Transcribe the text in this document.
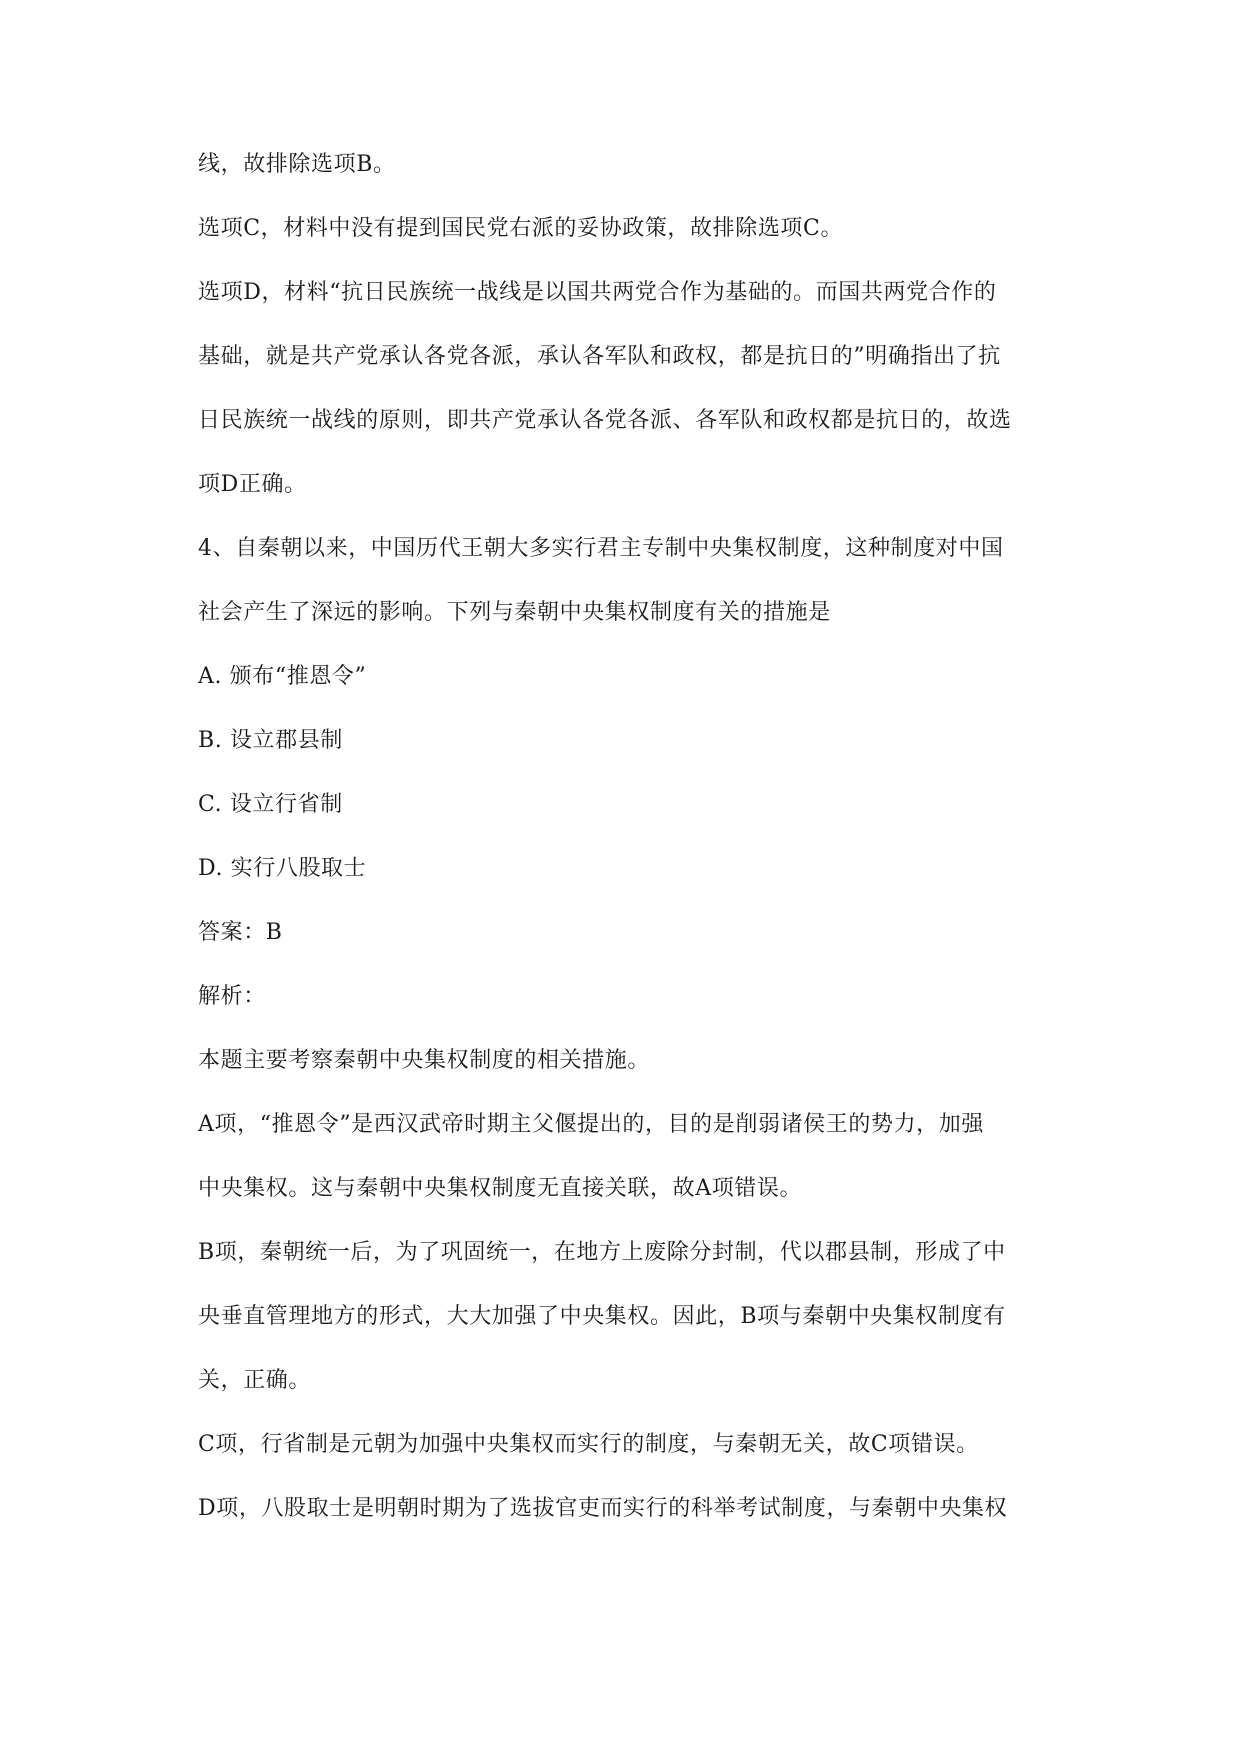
线，故排除选项B。
选项C，材料中没有提到国民党右派的妥协政策，故排除选项C。
选项D，材料“抗日民族统一战线是以国共两党合作为基础的。而国共两党合作的
基础，就是共产党承认各党各派，承认各军队和政权，都是抗日的”明确指出了抗
日民族统一战线的原则，即共产党承认各党各派、各军队和政权都是抗日的，故选
项D正确。
4、自秦朝以来，中国历代王朝大多实行君主专制中央集权制度，这种制度对中国
社会产生了深远的影响。下列与秦朝中央集权制度有关的措施是
A. 颁布“推恩令”
B. 设立郡县制
C. 设立行省制
D. 实行八股取士
答案：B
解析：
本题主要考察秦朝中央集权制度的相关措施。
A项，“推恩令”是西汉武帝时期主父偃提出的，目的是削弱诸侯王的势力，加强
中央集权。这与秦朝中央集权制度无直接关联，故A项错误。
B项，秦朝统一后，为了巩固统一，在地方上废除分封制，代以郡县制，形成了中
央垂直管理地方的形式，大大加强了中央集权。因此，B项与秦朝中央集权制度有
关，正确。
C项，行省制是元朝为加强中央集权而实行的制度，与秦朝无关，故C项错误。
D项，八股取士是明朝时期为了选拔官吏而实行的科举考试制度，与秦朝中央集权
